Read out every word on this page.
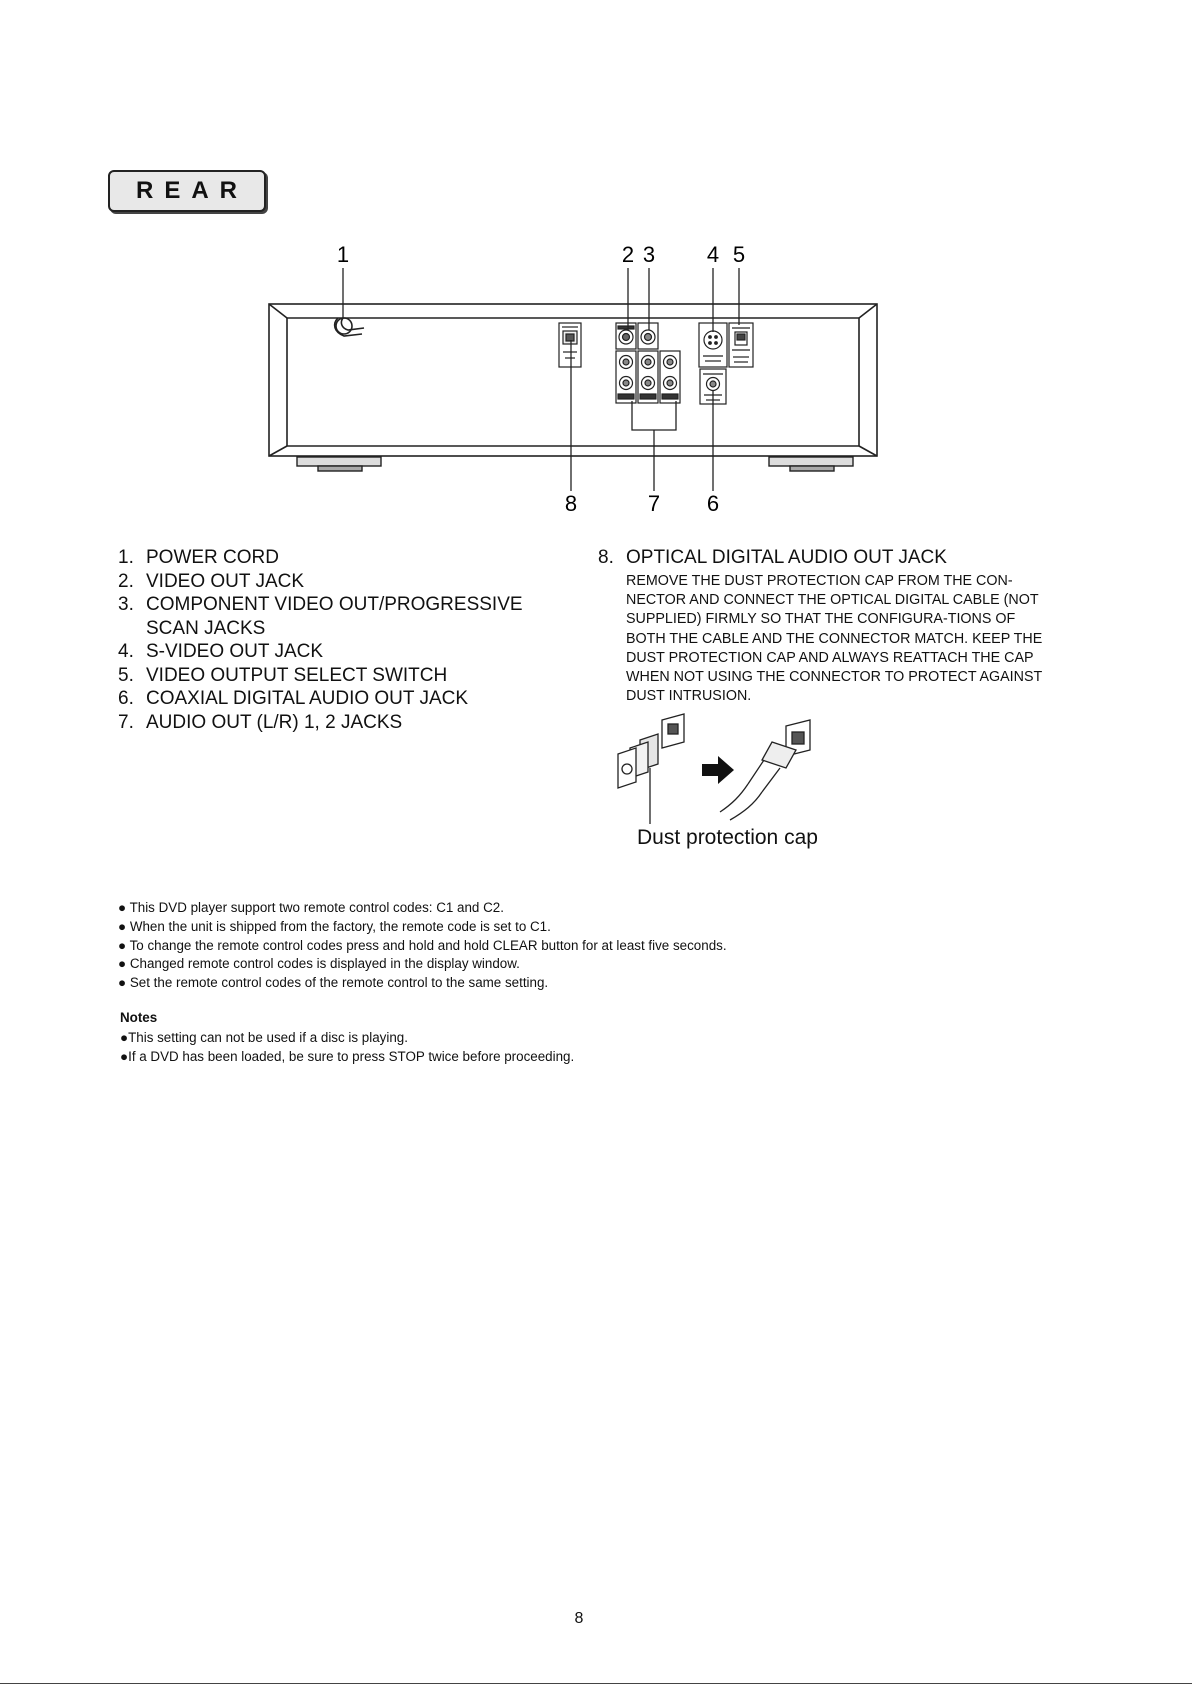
REAR
1	2 3 4 5
8	7 6
1. POWER CORD
2. VIDEO OUT JACK
3. COMPONENT VIDEO OUT/PROGRESSIVE SCAN JACKS
4. S-VIDEO OUT JACK
5. VIDEO OUTPUT SELECT SWITCH
6. COAXIAL DIGITAL AUDIO OUT JACK
7. AUDIO OUT (L/R) 1, 2 JACKS
8. OPTICAL DIGITAL AUDIO OUT JACK
REMOVE THE DUST PROTECTION CAP FROM THE CON-NECTOR AND CONNECT THE OPTICAL DIGITAL CABLE (NOT SUPPLIED) FIRMLY SO THAT THE CONFIGURA-TIONS OF BOTH THE CABLE AND THE CONNECTOR MATCH. KEEP THE DUST PROTECTION CAP AND ALWAYS REATTACH THE CAP WHEN NOT USING THE CONNECTOR TO PROTECT AGAINST DUST INTRUSION.
Dust protection cap
● This DVD player support two remote control codes: C1 and C2.
● When the unit is shipped from the factory, the remote code is set to C1.
● To change the remote control codes press and hold and hold CLEAR button for at least five seconds.
● Changed remote control codes is displayed in the display window.
● Set the remote control codes of the remote control to the same setting.
Notes
●This setting can not be used if a disc is playing.
●If a DVD has been loaded, be sure to press STOP twice before proceeding.
8
